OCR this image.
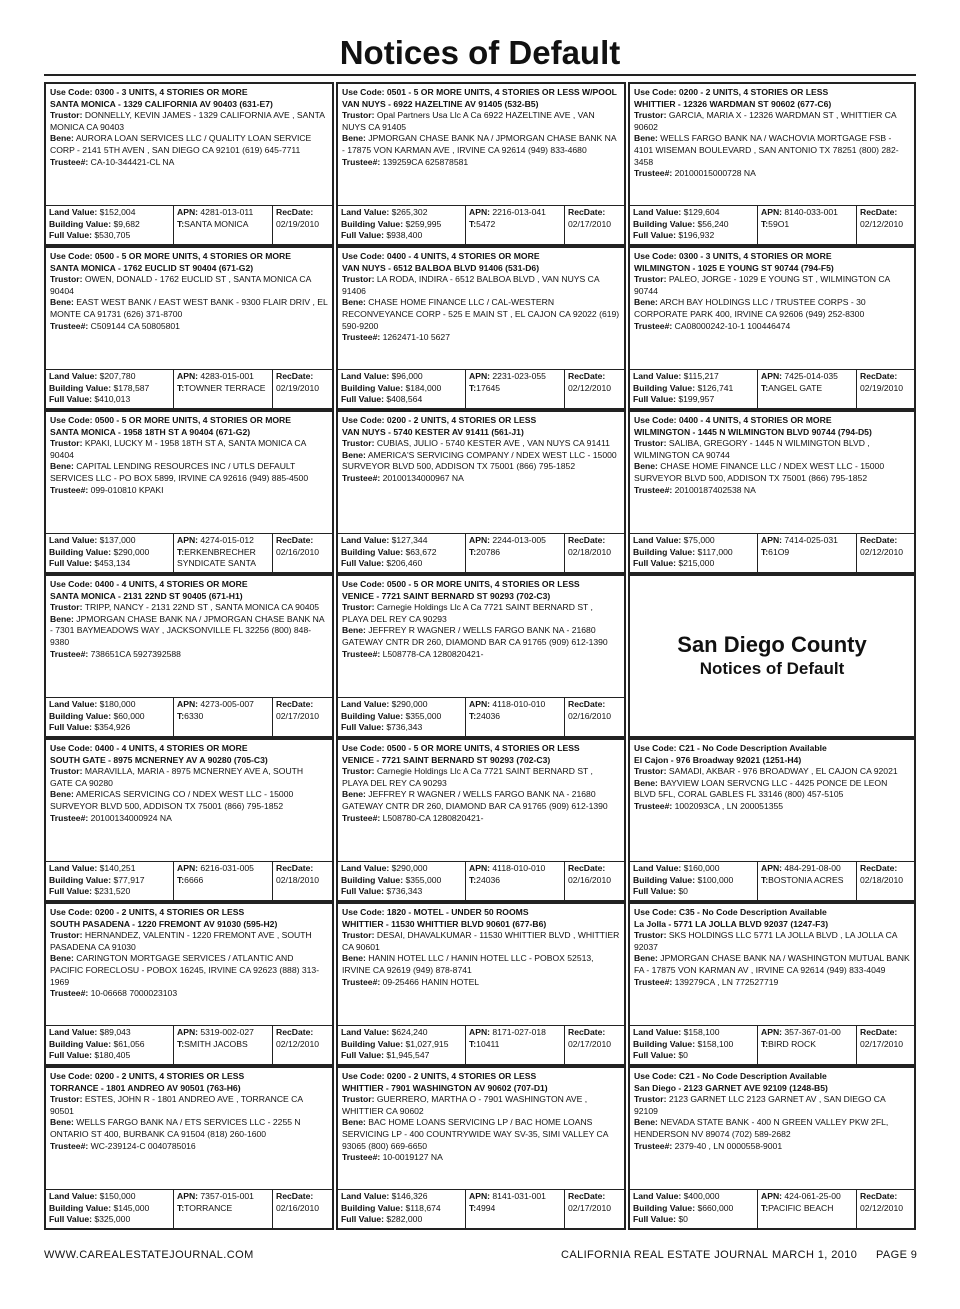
Notices of Default
Use Code: 0300 - 3 UNITS, 4 STORIES OR MORE
SANTA MONICA - 1329 CALIFORNIA AV 90403 (631-E7)
Trustor: DONNELLY, KEVIN JAMES - 1329 CALIFORNIA AVE , SANTA MONICA CA 90403
Bene: AURORA LOAN SERVICES LLC / QUALITY LOAN SERVICE CORP - 2141 5TH AVEN , SAN DIEGO CA 92101 (619) 645-7711
Trustee#: CA-10-344421-CL NA
Land Value: $152,004
Building Value: $9,682
Full Value: $530,705
APN: 4281-013-011
T:SANTA MONICA
RecDate:
02/19/2010
Use Code: 0500 - 5 OR MORE UNITS, 4 STORIES OR MORE
SANTA MONICA - 1762 EUCLID ST 90404 (671-G2)
Trustor: OWEN, DONALD - 1762 EUCLID ST , SANTA MONICA CA 90404
Bene: EAST WEST BANK / EAST WEST BANK - 9300 FLAIR DRIV , EL MONTE CA 91731 (626) 371-8700
Trustee#: C509144 CA 50805801
Land Value: $207,780
Building Value: $178,587
Full Value: $410,013
APN: 4283-015-001
T:TOWNER TERRACE
RecDate:
02/19/2010
Use Code: 0500 - 5 OR MORE UNITS, 4 STORIES OR MORE
SANTA MONICA - 1958 18TH ST A 90404 (671-G2)
Trustor: KPAKI, LUCKY M - 1958 18TH ST A, SANTA MONICA CA 90404
Bene: CAPITAL LENDING RESOURCES INC / UTLS DEFAULT SERVICES LLC - PO BOX 5899, IRVINE CA 92616 (949) 885-4500
Trustee#: 099-010810 KPAKI
Land Value: $137,000
Building Value: $290,000
Full Value: $453,134
APN: 4274-015-012
T:ERKENBRECHER SYNDICATE SANTA
RecDate:
02/16/2010
Use Code: 0400 - 4 UNITS, 4 STORIES OR MORE
SANTA MONICA - 2131 22ND ST 90405 (671-H1)
Trustor: TRIPP, NANCY - 2131 22ND ST , SANTA MONICA CA 90405
Bene: JPMORGAN CHASE BANK NA / JPMORGAN CHASE BANK NA - 7301 BAYMEADOWS WAY , JACKSONVILLE FL 32256 (800) 848-9380
Trustee#: 738651CA 5927392588
Land Value: $180,000
Building Value: $60,000
Full Value: $354,926
APN: 4273-005-007
T:6330
RecDate:
02/17/2010
Use Code: 0400 - 4 UNITS, 4 STORIES OR MORE
SOUTH GATE - 8975 MCNERNEY AV A 90280 (705-C3)
Trustor: MARAVILLA, MARIA - 8975 MCNERNEY AVE A, SOUTH GATE CA 90280
Bene: AMERICAS SERVICING CO / NDEX WEST LLC - 15000 SURVEYOR BLVD 500, ADDISON TX 75001 (866) 795-1852
Trustee#: 20100134000924 NA
Land Value: $140,251
Building Value: $77,917
Full Value: $231,520
APN: 6216-031-005
T:6666
RecDate:
02/18/2010
Use Code: 0200 - 2 UNITS, 4 STORIES OR LESS
SOUTH PASADENA - 1220 FREMONT AV 91030 (595-H2)
Trustor: HERNANDEZ, VALENTIN - 1220 FREMONT AVE , SOUTH PASADENA CA 91030
Bene: CARINGTON MORTGAGE SERVICES / ATLANTIC AND PACIFIC FORECLOSU - POBOX 16245, IRVINE CA 92623 (888) 313-1969
Trustee#: 10-06668 7000023103
Land Value: $89,043
Building Value: $61,056
Full Value: $180,405
APN: 5319-002-027
T:SMITH JACOBS
RecDate:
02/12/2010
Use Code: 0200 - 2 UNITS, 4 STORIES OR LESS
TORRANCE - 1801 ANDREO AV 90501 (763-H6)
Trustor: ESTES, JOHN R - 1801 ANDREO AVE , TORRANCE CA 90501
Bene: WELLS FARGO BANK NA / ETS SERVICES LLC - 2255 N ONTARIO ST 400, BURBANK CA 91504 (818) 260-1600
Trustee#: WC-239124-C 0040785016
Land Value: $150,000
Building Value: $145,000
Full Value: $325,000
APN: 7357-015-001
T:TORRANCE
RecDate:
02/16/2010
Use Code: 0501 - 5 OR MORE UNITS, 4 STORIES OR LESS W/POOL
VAN NUYS - 6922 HAZELTINE AV 91405 (532-B5)
Trustor: Opal Partners Usa Llc A Ca 6922 HAZELTINE AVE , VAN NUYS CA 91405
Bene: JPMORGAN CHASE BANK NA / JPMORGAN CHASE BANK NA - 17875 VON KARMAN AVE , IRVINE CA 92614 (949) 833-4680
Trustee#: 139259CA 625878581
Land Value: $265,302
Building Value: $259,995
Full Value: $938,400
APN: 2216-013-041
T:5472
RecDate:
02/17/2010
Use Code: 0400 - 4 UNITS, 4 STORIES OR MORE
VAN NUYS - 6512 BALBOA BLVD 91406 (531-D6)
Trustor: LA RODA, INDIRA - 6512 BALBOA BLVD , VAN NUYS CA 91406
Bene: CHASE HOME FINANCE LLC / CAL-WESTERN RECONVEYANCE CORP - 525 E MAIN ST , EL CAJON CA 92022 (619) 590-9200
Trustee#: 1262471-10 5627
Land Value: $96,000
Building Value: $184,000
Full Value: $408,564
APN: 2231-023-055
T:17645
RecDate:
02/12/2010
Use Code: 0200 - 2 UNITS, 4 STORIES OR LESS
VAN NUYS - 5740 KESTER AV 91411 (561-J1)
Trustor: CUBIAS, JULIO - 5740 KESTER AVE , VAN NUYS CA 91411
Bene: AMERICA'S SERVICING COMPANY / NDEX WEST LLC - 15000 SURVEYOR BLVD 500, ADDISON TX 75001 (866) 795-1852
Trustee#: 20100134000967 NA
Land Value: $127,344
Building Value: $63,672
Full Value: $206,460
APN: 2244-013-005
T:20786
RecDate:
02/18/2010
Use Code: 0500 - 5 OR MORE UNITS, 4 STORIES OR LESS
VENICE - 7721 SAINT BERNARD ST 90293 (702-C3)
Trustor: Carnegie Holdings Llc A Ca 7721 SAINT BERNARD ST , PLAYA DEL REY CA 90293
Bene: JEFFREY R WAGNER / WELLS FARGO BANK NA - 21680 GATEWAY CNTR DR 260, DIAMOND BAR CA 91765 (909) 612-1390
Trustee#: L508778-CA 1280820421-
Land Value: $290,000
Building Value: $355,000
Full Value: $736,343
APN: 4118-010-010
T:24036
RecDate:
02/16/2010
Use Code: 0500 - 5 OR MORE UNITS, 4 STORIES OR LESS
VENICE - 7721 SAINT BERNARD ST 90293 (702-C3)
Trustor: Carnegie Holdings Llc A Ca 7721 SAINT BERNARD ST , PLAYA DEL REY CA 90293
Bene: JEFFREY R WAGNER / WELLS FARGO BANK NA - 21680 GATEWAY CNTR DR 260, DIAMOND BAR CA 91765 (909) 612-1390
Trustee#: L508780-CA 1280820421-
Land Value: $290,000
Building Value: $355,000
Full Value: $736,343
APN: 4118-010-010
T:24036
RecDate:
02/16/2010
Use Code: 1820 - MOTEL - UNDER 50 ROOMS
WHITTIER - 11530 WHITTIER BLVD 90601 (677-B6)
Trustor: DESAI, DHAVALKUMAR - 11530 WHITTIER BLVD , WHITTIER CA 90601
Bene: HANIN HOTEL LLC / HANIN HOTEL LLC - POBOX 52513, IRVINE CA 92619 (949) 878-8741
Trustee#: 09-25466 HANIN HOTEL
Land Value: $624,240
Building Value: $1,027,915
Full Value: $1,945,547
APN: 8171-027-018
T:10411
RecDate:
02/17/2010
Use Code: 0200 - 2 UNITS, 4 STORIES OR LESS
WHITTIER - 7901 WASHINGTON AV 90602 (707-D1)
Trustor: GUERRERO, MARTHA O - 7901 WASHINGTON AVE , WHITTIER CA 90602
Bene: BAC HOME LOANS SERVICING LP / BAC HOME LOANS SERVICING LP - 400 COUNTRYWIDE WAY SV-35, SIMI VALLEY CA 93065 (800) 669-6650
Trustee#: 10-0019127 NA
Land Value: $146,326
Building Value: $118,674
Full Value: $282,000
APN: 8141-031-001
T:4994
RecDate:
02/17/2010
Use Code: 0200 - 2 UNITS, 4 STORIES OR LESS
WHITTIER - 12326 WARDMAN ST 90602 (677-C6)
Trustor: GARCIA, MARIA X - 12326 WARDMAN ST , WHITTIER CA 90602
Bene: WELLS FARGO BANK NA / WACHOVIA MORTGAGE FSB - 4101 WISEMAN BOULEVARD , SAN ANTONIO TX 78251 (800) 282-3458
Trustee#: 20100015000728 NA
Land Value: $129,604
Building Value: $56,240
Full Value: $196,932
APN: 8140-033-001
T:59O1
RecDate:
02/12/2010
Use Code: 0300 - 3 UNITS, 4 STORIES OR MORE
WILMINGTON - 1025 E YOUNG ST 90744 (794-F5)
Trustor: PALEO, JORGE - 1029 E YOUNG ST , WILMINGTON CA 90744
Bene: ARCH BAY HOLDINGS LLC / TRUSTEE CORPS - 30 CORPORATE PARK 400, IRVINE CA 92606 (949) 252-8300
Trustee#: CA08000242-10-1 100446474
Land Value: $115,217
Building Value: $126,741
Full Value: $199,957
APN: 7425-014-035
T:ANGEL GATE
RecDate:
02/19/2010
Use Code: 0400 - 4 UNITS, 4 STORIES OR MORE
WILMINGTON - 1445 N WILMINGTON BLVD 90744 (794-D5)
Trustor: SALIBA, GREGORY - 1445 N WILMINGTON BLVD , WILMINGTON CA 90744
Bene: CHASE HOME FINANCE LLC / NDEX WEST LLC - 15000 SURVEYOR BLVD 500, ADDISON TX 75001 (866) 795-1852
Trustee#: 20100187402538 NA
Land Value: $75,000
Building Value: $117,000
Full Value: $215,000
APN: 7414-025-031
T:61O9
RecDate:
02/12/2010
San Diego County
Notices of Default
Use Code: C21 - No Code Description Available
El Cajon - 976 Broadway 92021 (1251-H4)
Trustor: SAMADI, AKBAR - 976 BROADWAY , EL CAJON CA 92021
Bene: BAYVIEW LOAN SERVCNG LLC - 4425 PONCE DE LEON BLVD 5FL, CORAL GABLES FL 33146 (800) 457-5105
Trustee#: 1002093CA , LN 200051355
Land Value: $160,000
Building Value: $100,000
Full Value: $0
APN: 484-291-08-00
T:BOSTONIA ACRES
RecDate:
02/18/2010
Use Code: C35 - No Code Description Available
La Jolla - 5771 LA JOLLA BLVD 92037 (1247-F3)
Trustor: SKS HOLDINGS LLC 5771 LA JOLLA BLVD , LA JOLLA CA 92037
Bene: JPMORGAN CHASE BANK NA / WASHINGTON MUTUAL BANK FA - 17875 VON KARMAN AV , IRVINE CA 92614 (949) 833-4049
Trustee#: 139279CA , LN 772527719
Land Value: $158,100
Building Value: $158,100
Full Value: $0
APN: 357-367-01-00
T:BIRD ROCK
RecDate:
02/17/2010
Use Code: C21 - No Code Description Available
San Diego - 2123 GARNET AVE 92109 (1248-B5)
Trustor: 2123 GARNET LLC 2123 GARNET AV , SAN DIEGO CA 92109
Bene: NEVADA STATE BANK - 400 N GREEN VALLEY PKW 2FL, HENDERSON NV 89074 (702) 589-2682
Trustee#: 2379-40 , LN 0000558-9001
Land Value: $400,000
Building Value: $660,000
Full Value: $0
APN: 424-061-25-00
T:PACIFIC BEACH
RecDate:
02/12/2010
WWW.CAREALESTATEJOURNAL.COM	CALIFORNIA REAL ESTATE JOURNAL MARCH 1, 2010 PAGE 9
